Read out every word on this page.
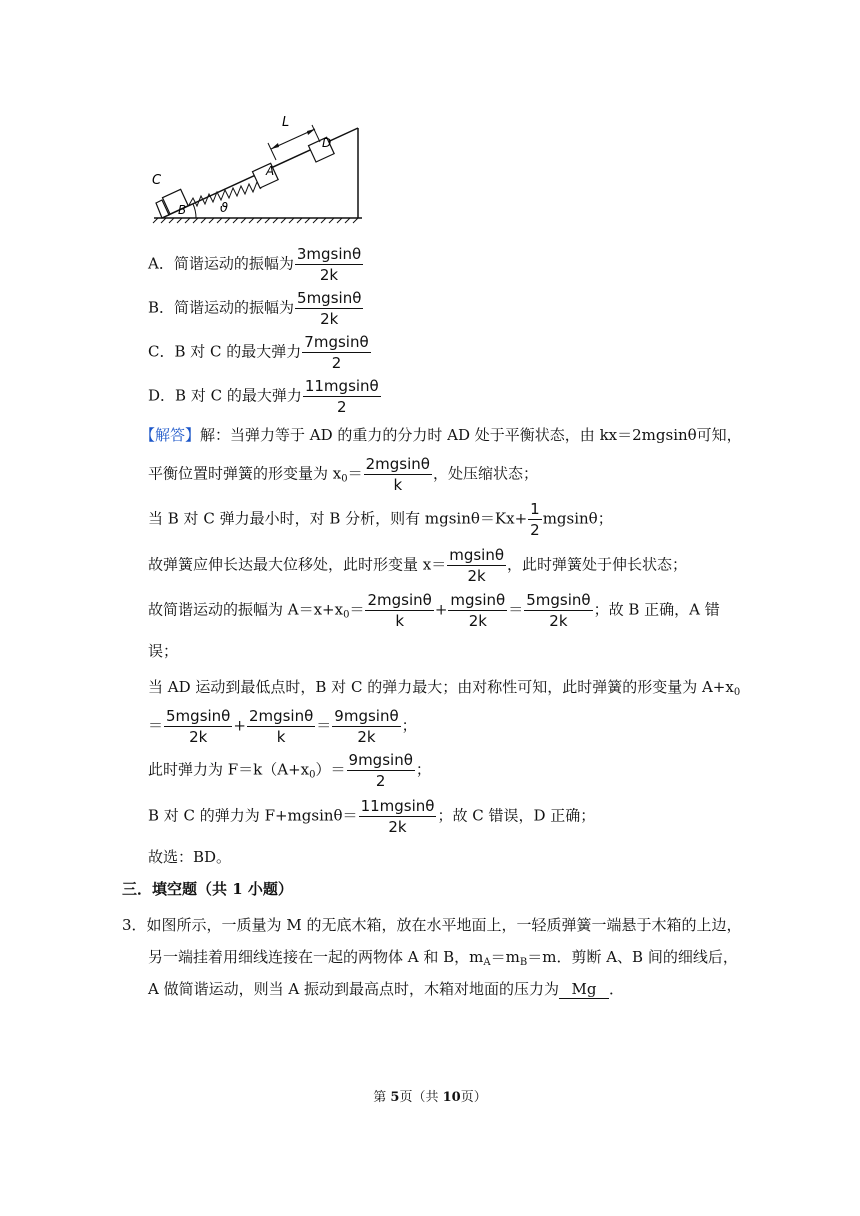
C
B
A
D
L
ϑ
A．简谐运动的振幅为 $\frac{3mgsin\theta}{2k}$
B．简谐运动的振幅为 $\frac{5mgsin\theta}{2k}$
C．B 对 C 的最大弹力 $\frac{7mgsin\theta}{2}$
D．B 对 C 的最大弹力 $\frac{11mgsin\theta}{2}$
【解答】解：当弹力等于 AD 的重力的分力时 AD 处于平衡状态，由 kx＝2mgsinθ可知，
平衡位置时弹簧的形变量为 $x_0= \frac{2mgsin\theta}{k}$ ，处压缩状态；
当 B 对 C 弹力最小时，对 B 分析，则有 $mgsin\theta=Kx+ \frac{1}{2}$ mgsinθ；
故弹簧应伸长达最大位移处，此时形变量 $x= \frac{mgsin\theta}{2k}$ ，此时弹簧处于伸长状态；
故简谐运动的振幅为 $A=x+x_0= \frac{2mgsin\theta}{k} + \frac{mgsin\theta}{2k} = \frac{5mgsin\theta}{2k}$ ；故 B 正确，A 错
误；
当 AD 运动到最低点时，B 对 C 的弹力最大；由对称性可知，此时弹簧的形变量为 $A+x_0$
＝ $\frac{5mgsin\theta}{2k} + \frac{2mgsin\theta}{k} = \frac{9mgsin\theta}{2k}$ ；
此时弹力为 $F=k(A+x_0)= \frac{9mgsin\theta}{2}$ ；
B 对 C 的弹力为 $F+mgsin\theta= \frac{11mgsin\theta}{2k}$ ；故 C 错误，D 正确；
故选：BD。
三．填空题（共 1 小题）
3．如图所示，一质量为 M 的无底木箱，放在水平地面上，一轻质弹簧一端悬于木箱的上边，
另一端挂着用细线连接在一起的两物体 A 和 B，$m_A=m_B=m$．剪断 A、B 间的细线后，
A 做简谐运动，则当 A 振动到最高点时，木箱对地面的压力为 Mg ．
第 5页（共 10页）
